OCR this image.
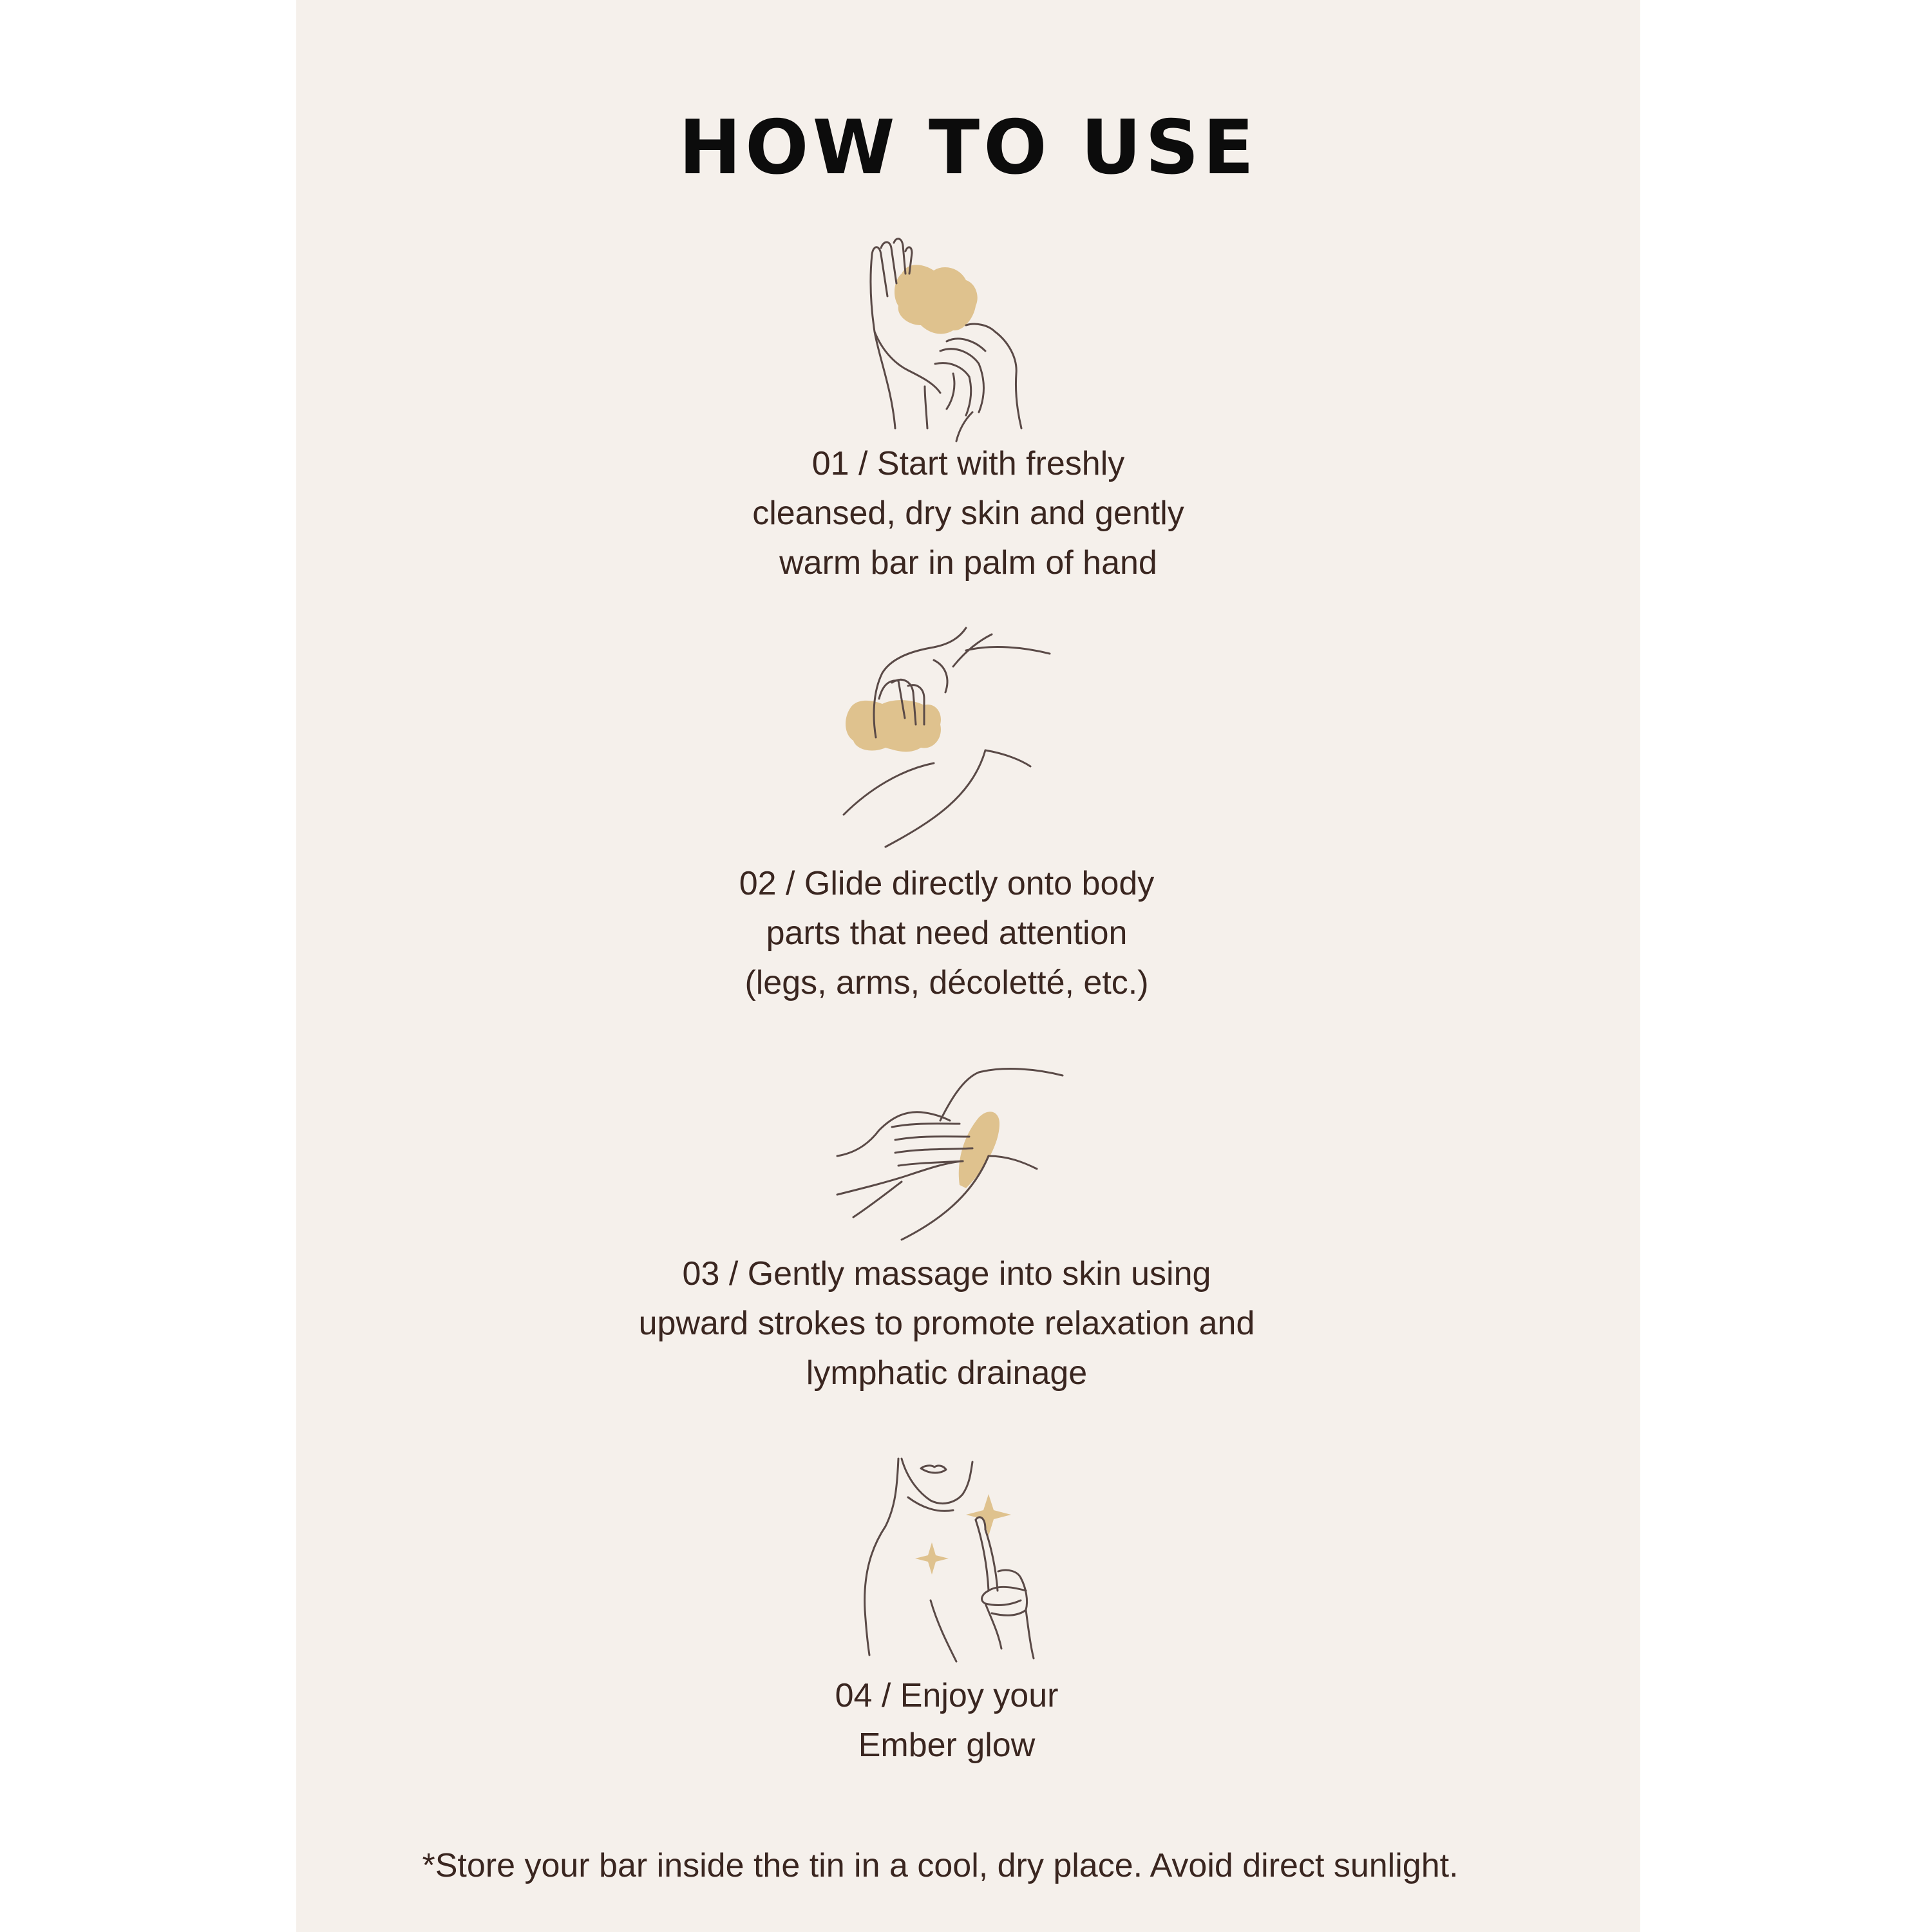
HOW TO USE
01 / Start with freshly
cleansed, dry skin and gently
warm bar in palm of hand
02 / Glide directly onto body
parts that need attention
(legs, arms, décoletté, etc.)
03 / Gently massage into skin using
upward strokes to promote relaxation and
lymphatic drainage
04 / Enjoy your
Ember glow
*Store your bar inside the tin in a cool, dry place. Avoid direct sunlight.
